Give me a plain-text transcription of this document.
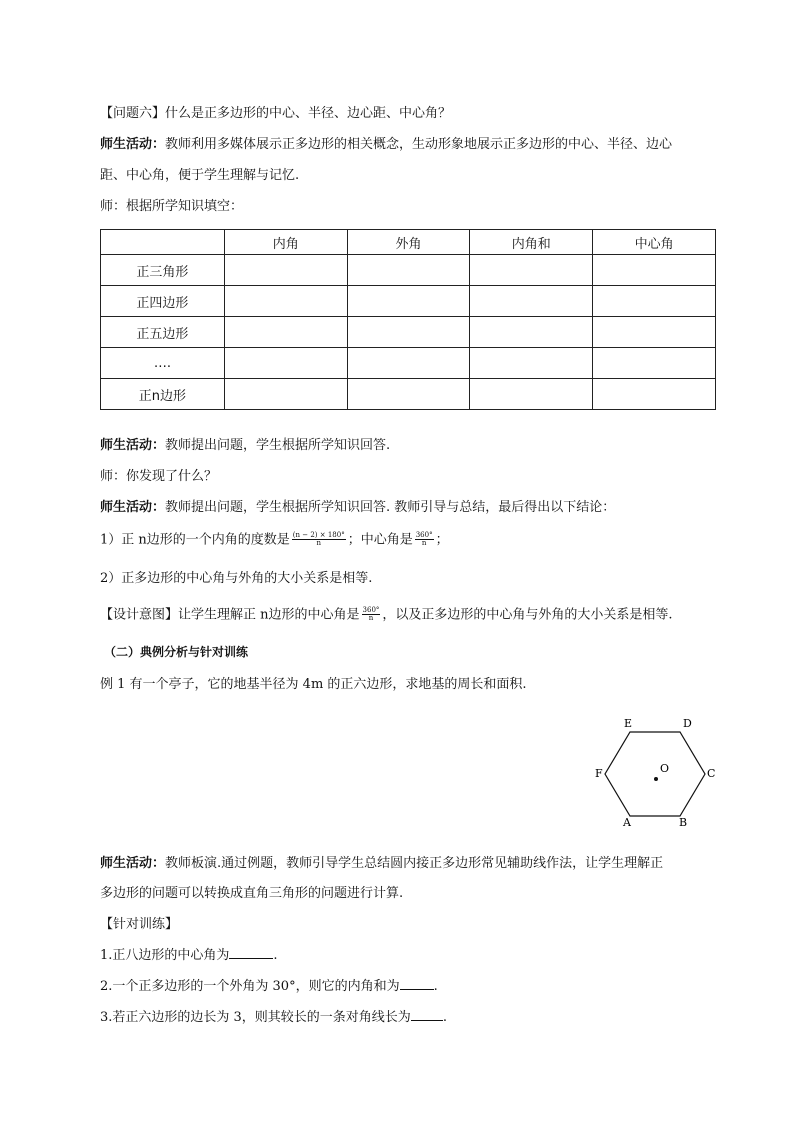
【问题六】什么是正多边形的中心、半径、边心距、中心角？
师生活动：教师利用多媒体展示正多边形的相关概念，生动形象地展示正多边形的中心、半径、边心
距、中心角，便于学生理解与记忆.
师：根据所学知识填空：
	内角	外角	内角和	中心角
正三角形				
正四边形				
正五边形				
….				
正n边形				
师生活动：教师提出问题，学生根据所学知识回答.
师：你发现了什么？
师生活动：教师提出问题，学生根据所学知识回答. 教师引导与总结，最后得出以下结论：
1）正 n边形的一个内角的度数是 $\frac{(n - 2) \times 180^\circ}{n}$ ；中心角是 $\frac{360^\circ}{n}$ ；
2）正多边形的中心角与外角的大小关系是相等.
【设计意图】让学生理解正 n边形的中心角是 $\frac{360^\circ}{n}$ ，以及正多边形的中心角与外角的大小关系是相等.
（二）典例分析与针对训练
例 1 有一个亭子，它的地基半径为 4m 的正六边形，求地基的周长和面积.
E	D
C
F	O
A	B
师生活动：教师板演.通过例题，教师引导学生总结圆内接正多边形常见辅助线作法，让学生理解正
多边形的问题可以转换成直角三角形的问题进行计算.
【针对训练】
1.正八边形的中心角为	.
2.一个正多边形的一个外角为 30°，则它的内角和为	.
3.若正六边形的边长为 3，则其较长的一条对角线长为 .
